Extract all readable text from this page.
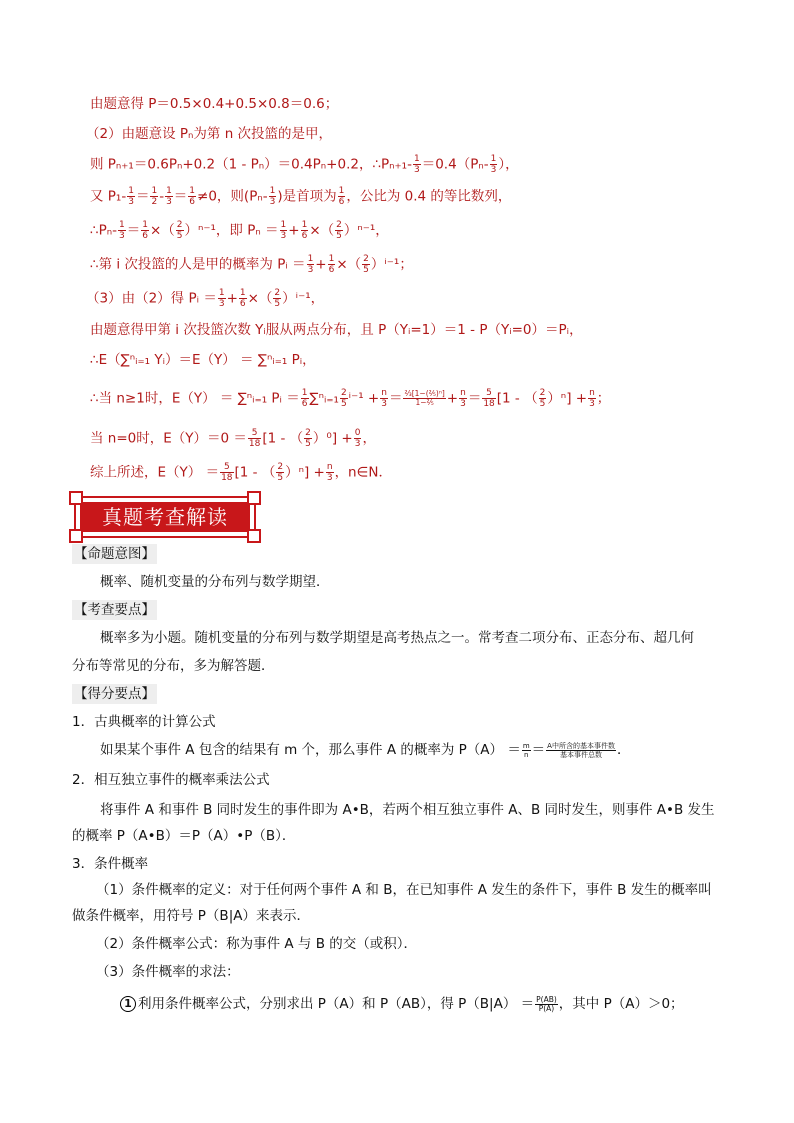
由题意得 P＝0.5×0.4+0.5×0.8＝0.6；
（2）由题意设 Pₙ为第 n 次投篮的是甲，
则 Pₙ₊₁＝0.6Pₙ+0.2（1 - Pₙ）＝0.4Pₙ+0.2，∴Pₙ₊₁- $\frac{1}{3} =0.4(P_n- \frac{1}{3}$ ），
又 $P_1- \frac{1}{3} = \frac{1}{2} - \frac{1}{3} = \frac{1}{6} \ne 0$，则($P_n- \frac{1}{3}$ )是首项为 $\frac{1}{6}$ ，公比为 0.4 的等比数列，
∴Pₙ- $\frac{1}{3} = \frac{1}{6}$ ×（ $\frac{2}{5} )^{n-1}$，即 $P_n = \frac{1}{3} + \frac{1}{6}$ ×（ $\frac{2}{5} )^{n-1}$，
∴第 i 次投篮的人是甲的概率为 Pᵢ ＝ $\frac{1}{3} + \frac{1}{6}$ ×（ $\frac{2}{5} )^{i-1}$；
（3）由（2）得 Pᵢ ＝ $\frac{1}{3} + \frac{1}{6}$ ×（ $\frac{2}{5} )^{i-1}$，
由题意得甲第 i 次投篮次数 Yᵢ服从两点分布，且 P（Yᵢ=1）＝1 - P（Yᵢ=0）＝Pᵢ，
∴E（∑ⁿᵢ₌₁ Yᵢ）＝E（Y） ＝ ∑ⁿᵢ₌₁ Pᵢ，
∴当 n≥1时，E（Y） ＝ ∑ⁿᵢ₌₁ Pᵢ ＝ $\frac{1}{6}$ ∑ⁿᵢ₌₁ $\frac{2}{5} ^{i-1} + \frac{n}{3} = \frac{\text{⅔[1−(⅖)ⁿ]}}{\text{1−⅖}} + \frac{n}{3} = \frac{5}{18} [1$ - （ $\frac{2}{5} )^n] + \frac{n}{3}$ ；
当 n=0时，$E(Y)=0 = \frac{5}{18} [1$ - （ $\frac{2}{5} )^0] + \frac{0}{3}$ ，
综上所述，$E(Y) = \frac{5}{18} [1$ - （ $\frac{2}{5} )^n] + \frac{n}{3}$ ，n∈N．
真题考查解读
【命题意图】
概率、随机变量的分布列与数学期望．
【考查要点】
概率多为小题。随机变量的分布列与数学期望是高考热点之一。常考查二项分布、正态分布、超几何
分布等常见的分布，多为解答题．
【得分要点】
1．古典概率的计算公式
如果某个事件 A 包含的结果有 m 个，那么事件 A 的概率为 $P(A) = \frac{m}{n} = \frac{\text{A中所含的基本事件数}}{\text{基本事件总数}}$ ．
2．相互独立事件的概率乘法公式
将事件 A 和事件 B 同时发生的事件即为 A•B，若两个相互独立事件 A、B 同时发生，则事件 A•B 发生
的概率 P（A•B）＝P（A）•P（B）．
3．条件概率
（1）条件概率的定义：对于任何两个事件 A 和 B，在已知事件 A 发生的条件下，事件 B 发生的概率叫
做条件概率，用符号 P（B|A）来表示．
（2）条件概率公式：称为事件 A 与 B 的交（或积）．
（3）条件概率的求法：
1 利用条件概率公式，分别求出 P（A）和 P（AB），得 $P(B|A) = \frac{P(AB)}{P(A)}$ ，其中 P（A）＞0；
